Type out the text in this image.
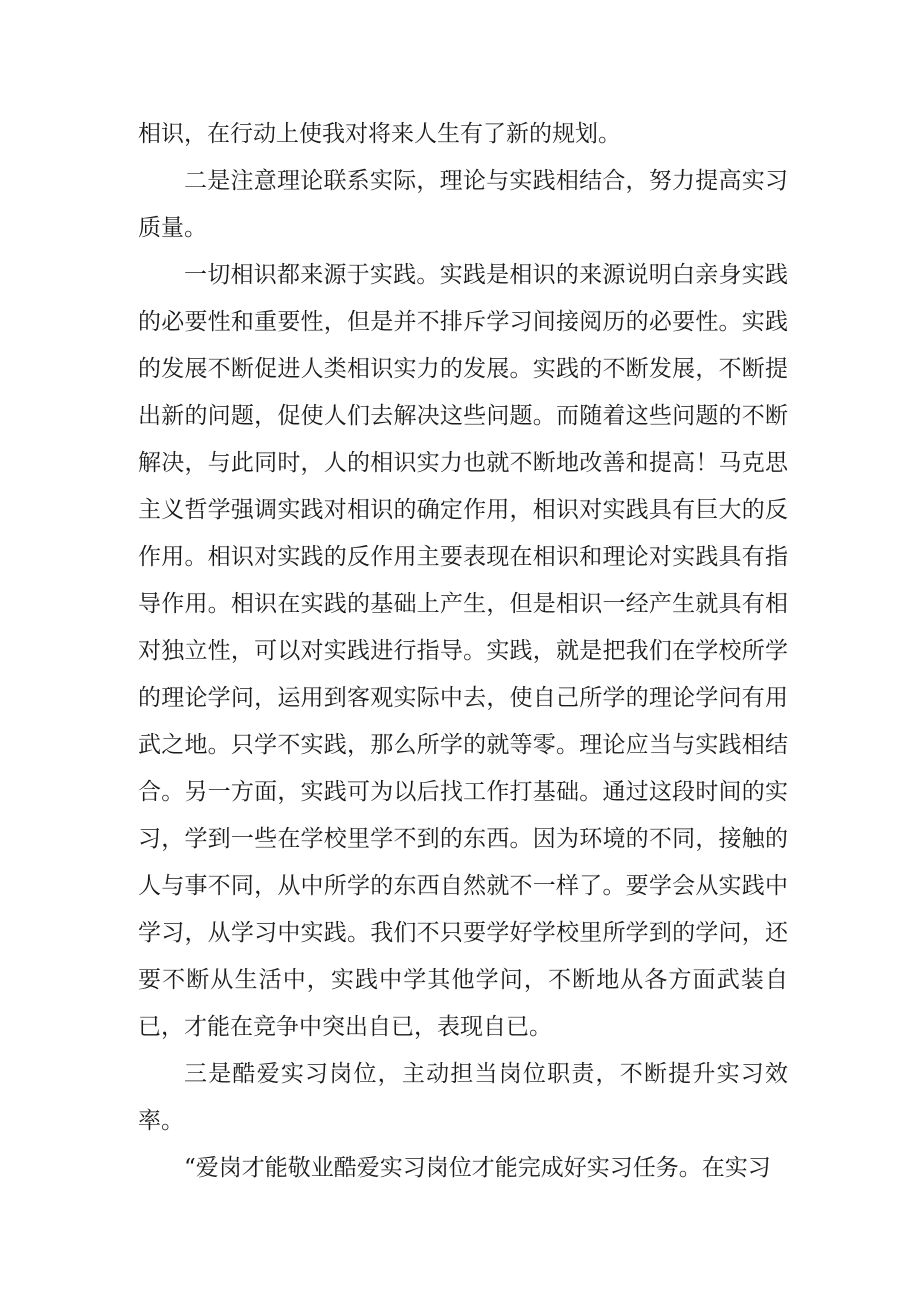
相识，在行动上使我对将来人生有了新的规划。

二是注意理论联系实际，理论与实践相结合，努力提高实习质量。

一切相识都来源于实践。实践是相识的来源说明白亲身实践的必要性和重要性，但是并不排斥学习间接阅历的必要性。实践的发展不断促进人类相识实力的发展。实践的不断发展，不断提出新的问题，促使人们去解决这些问题。而随着这些问题的不断解决，与此同时，人的相识实力也就不断地改善和提高！马克思主义哲学强调实践对相识的确定作用，相识对实践具有巨大的反作用。相识对实践的反作用主要表现在相识和理论对实践具有指导作用。相识在实践的基础上产生，但是相识一经产生就具有相对独立性，可以对实践进行指导。实践，就是把我们在学校所学的理论学问，运用到客观实际中去，使自己所学的理论学问有用武之地。只学不实践，那么所学的就等零。理论应当与实践相结合。另一方面，实践可为以后找工作打基础。通过这段时间的实习，学到一些在学校里学不到的东西。因为环境的不同，接触的人与事不同，从中所学的东西自然就不一样了。要学会从实践中学习，从学习中实践。我们不只要学好学校里所学到的学问，还要不断从生活中，实践中学其他学问，不断地从各方面武装自已，才能在竞争中突出自已，表现自已。

三是酷爱实习岗位，主动担当岗位职责，不断提升实习效率。

“爱岗才能敬业酷爱实习岗位才能完成好实习任务。在实习
